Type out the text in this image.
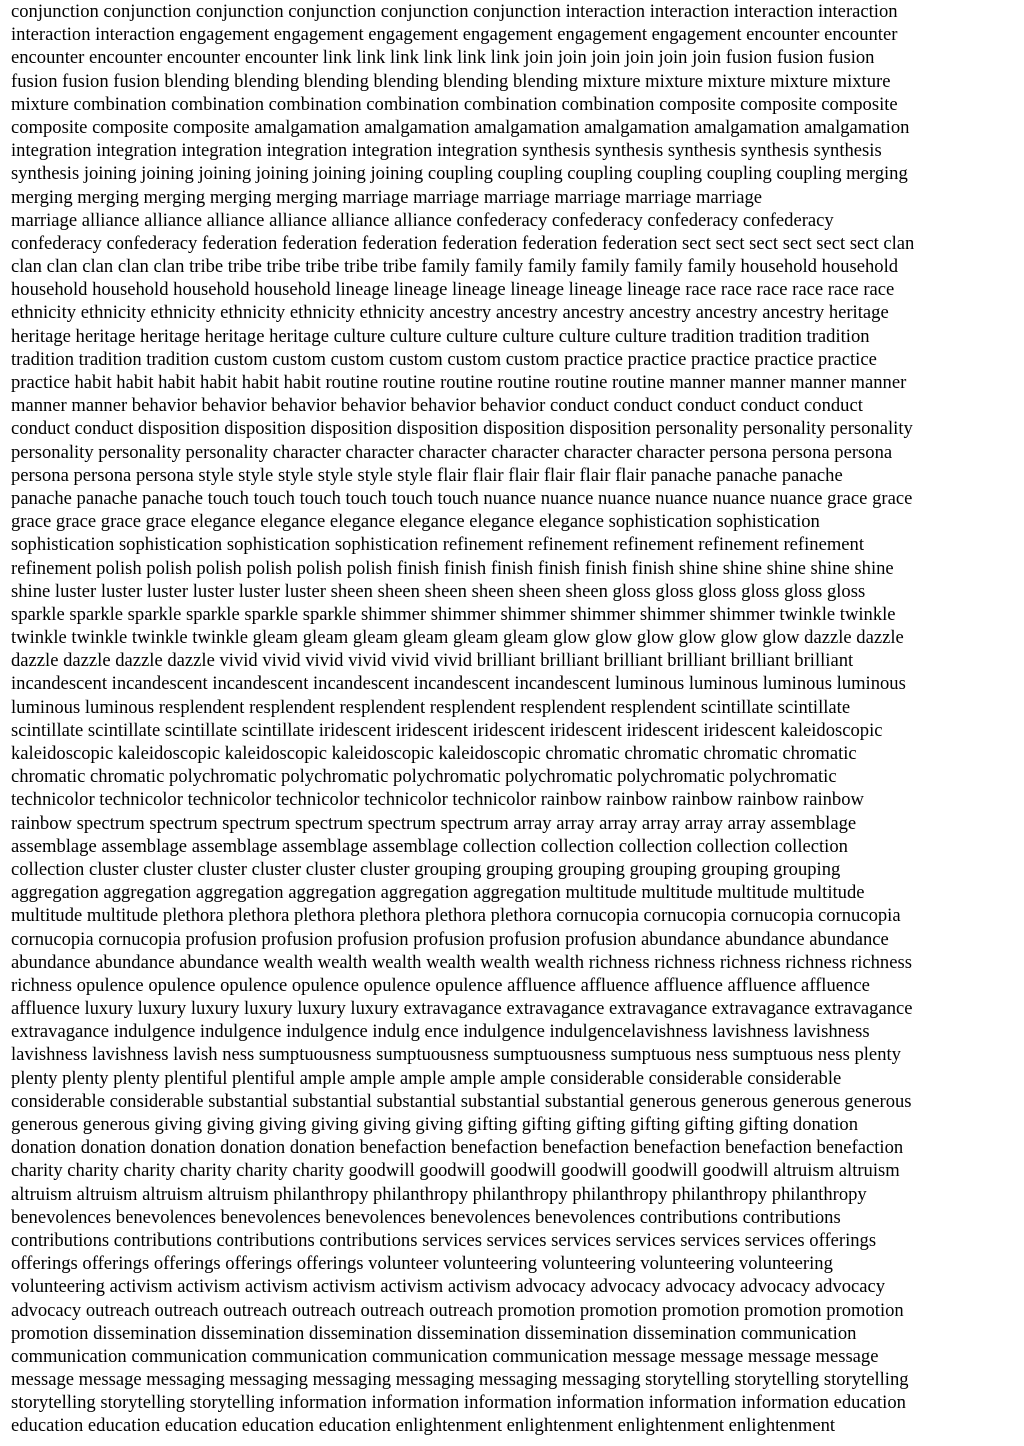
conjunction conjunction conjunction conjunction conjunction conjunction interaction interaction interaction interaction
interaction interaction engagement engagement engagement engagement engagement engagement encounter encounter
encounter encounter encounter encounter link link link link link link join join join join join join fusion fusion fusion
fusion fusion fusion blending blending blending blending blending blending mixture mixture mixture mixture mixture
mixture combination combination combination combination combination combination composite composite composite
composite composite composite amalgamation amalgamation amalgamation amalgamation amalgamation amalgamation
integration integration integration integration integration integration synthesis synthesis synthesis synthesis synthesis
synthesis joining joining joining joining joining joining coupling coupling coupling coupling coupling coupling merging
merging merging merging merging merging marriage marriage marriage marriage marriage marriage
marriage alliance alliance alliance alliance alliance alliance confederacy confederacy confederacy confederacy
confederacy confederacy federation federation federation federation federation federation sect sect sect sect sect sect clan
clan clan clan clan clan tribe tribe tribe tribe tribe tribe family family family family family family household household
household household household household lineage lineage lineage lineage lineage lineage race race race race race race
ethnicity ethnicity ethnicity ethnicity ethnicity ethnicity ancestry ancestry ancestry ancestry ancestry ancestry heritage
heritage heritage heritage heritage heritage culture culture culture culture culture culture tradition tradition tradition
tradition tradition tradition custom custom custom custom custom custom practice practice practice practice practice
practice habit habit habit habit habit habit routine routine routine routine routine routine manner manner manner manner
manner manner behavior behavior behavior behavior behavior behavior conduct conduct conduct conduct conduct
conduct conduct disposition disposition disposition disposition disposition disposition personality personality personality
personality personality personality character character character character character character persona persona persona
persona persona persona style style style style style style flair flair flair flair flair flair panache panache panache
panache panache panache touch touch touch touch touch touch nuance nuance nuance nuance nuance nuance grace grace
grace grace grace grace elegance elegance elegance elegance elegance elegance sophistication sophistication
sophistication sophistication sophistication sophistication refinement refinement refinement refinement refinement
refinement polish polish polish polish polish polish finish finish finish finish finish finish shine shine shine shine shine
shine luster luster luster luster luster luster sheen sheen sheen sheen sheen sheen gloss gloss gloss gloss gloss gloss
sparkle sparkle sparkle sparkle sparkle sparkle shimmer shimmer shimmer shimmer shimmer shimmer twinkle twinkle
twinkle twinkle twinkle twinkle gleam gleam gleam gleam gleam gleam glow glow glow glow glow glow dazzle dazzle
dazzle dazzle dazzle dazzle vivid vivid vivid vivid vivid vivid brilliant brilliant brilliant brilliant brilliant brilliant
incandescent incandescent incandescent incandescent incandescent incandescent luminous luminous luminous luminous
luminous luminous resplendent resplendent resplendent resplendent resplendent resplendent scintillate scintillate
scintillate scintillate scintillate scintillate iridescent iridescent iridescent iridescent iridescent iridescent kaleidoscopic
kaleidoscopic kaleidoscopic kaleidoscopic kaleidoscopic kaleidoscopic chromatic chromatic chromatic chromatic
chromatic chromatic polychromatic polychromatic polychromatic polychromatic polychromatic polychromatic
technicolor technicolor technicolor technicolor technicolor technicolor rainbow rainbow rainbow rainbow rainbow
rainbow spectrum spectrum spectrum spectrum spectrum spectrum array array array array array array assemblage
assemblage assemblage assemblage assemblage assemblage collection collection collection collection collection
collection cluster cluster cluster cluster cluster cluster grouping grouping grouping grouping grouping grouping
aggregation aggregation aggregation aggregation aggregation aggregation multitude multitude multitude multitude
multitude multitude plethora plethora plethora plethora plethora plethora cornucopia cornucopia cornucopia cornucopia
cornucopia cornucopia profusion profusion profusion profusion profusion profusion abundance abundance abundance
abundance abundance abundance wealth wealth wealth wealth wealth wealth richness richness richness richness richness
richness opulence opulence opulence opulence opulence opulence affluence affluence affluence affluence affluence
affluence luxury luxury luxury luxury luxury luxury extravagance extravagance extravagance extravagance extravagance
extravagance indulgence indulgence indulgence indulg ence indulgence indulgencelavishness lavishness lavishness
lavishness lavishness lavish ness sumptuousness sumptuousness sumptuousness sumptuous ness sumptuous ness plenty
plenty plenty plenty plentiful plentiful ample ample ample ample ample considerable considerable considerable
considerable considerable substantial substantial substantial substantial substantial generous generous generous generous
generous generous giving giving giving giving giving giving gifting gifting gifting gifting gifting gifting donation
donation donation donation donation donation benefaction benefaction benefaction benefaction benefaction benefaction
charity charity charity charity charity charity goodwill goodwill goodwill goodwill goodwill goodwill altruism altruism
altruism altruism altruism altruism philanthropy philanthropy philanthropy philanthropy philanthropy philanthropy
benevolences benevolences benevolences benevolences benevolences benevolences contributions contributions
contributions contributions contributions contributions services services services services services services offerings
offerings offerings offerings offerings offerings volunteer volunteering volunteering volunteering volunteering
volunteering activism activism activism activism activism activism advocacy advocacy advocacy advocacy advocacy
advocacy outreach outreach outreach outreach outreach outreach promotion promotion promotion promotion promotion
promotion dissemination dissemination dissemination dissemination dissemination dissemination communication
communication communication communication communication communication message message message message
message message messaging messaging messaging messaging messaging messaging storytelling storytelling storytelling
storytelling storytelling storytelling information information information information information information education
education education education education education enlightenment enlightenment enlightenment enlightenment
